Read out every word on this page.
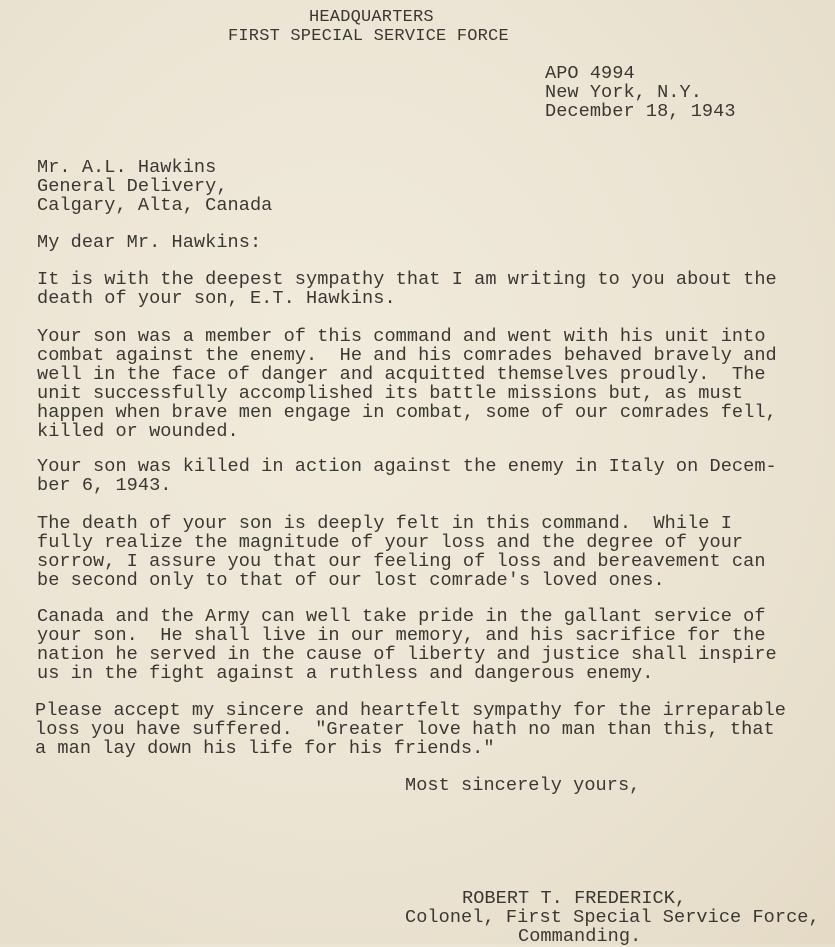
HEADQUARTERS
FIRST SPECIAL SERVICE FORCE
APO 4994
New York, N.Y.
December 18, 1943
Mr. A.L. Hawkins
General Delivery,
Calgary, Alta, Canada
My dear Mr. Hawkins:
It is with the deepest sympathy that I am writing to you about the
death of your son, E.T. Hawkins.
Your son was a member of this command and went with his unit into
combat against the enemy.  He and his comrades behaved bravely and
well in the face of danger and acquitted themselves proudly.  The
unit successfully accomplished its battle missions but, as must
happen when brave men engage in combat, some of our comrades fell,
killed or wounded.
Your son was killed in action against the enemy in Italy on Decem-
ber 6, 1943.
The death of your son is deeply felt in this command.  While I
fully realize the magnitude of your loss and the degree of your
sorrow, I assure you that our feeling of loss and bereavement can
be second only to that of our lost comrade's loved ones.
Canada and the Army can well take pride in the gallant service of
your son.  He shall live in our memory, and his sacrifice for the
nation he served in the cause of liberty and justice shall inspire
us in the fight against a ruthless and dangerous enemy.
Please accept my sincere and heartfelt sympathy for the irreparable
loss you have suffered.  "Greater love hath no man than this, that
a man lay down his life for his friends."
Most sincerely yours,
ROBERT T. FREDERICK,
Colonel, First Special Service Force,
Commanding.
